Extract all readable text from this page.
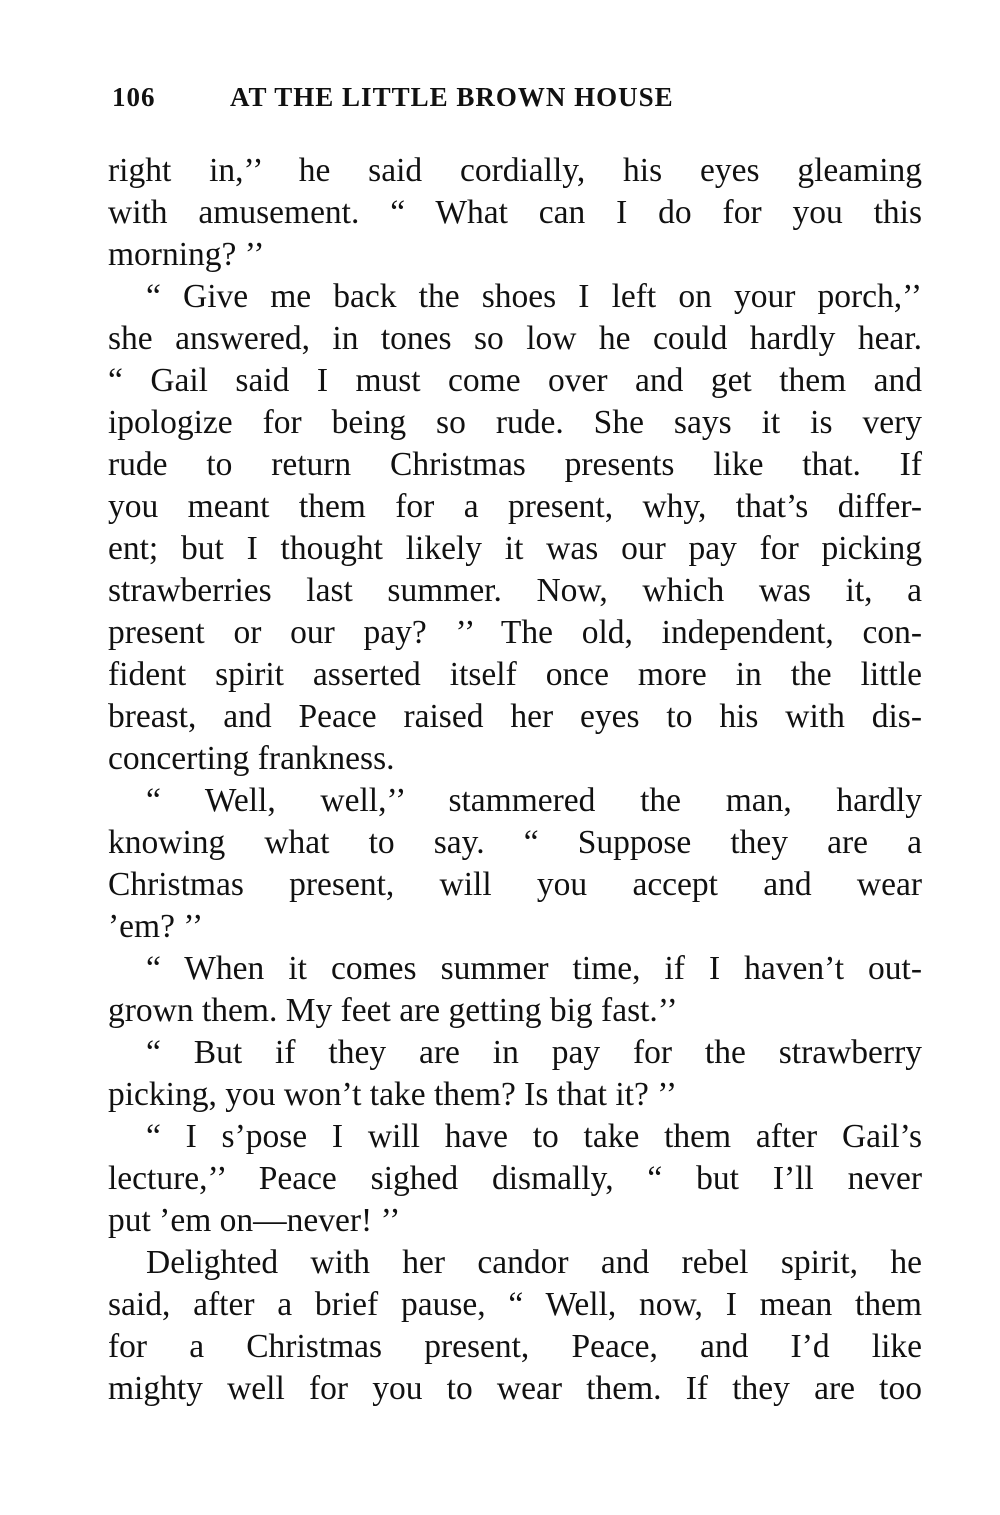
106	AT THE LITTLE BROWN HOUSE
right in,’’ he said cordially, his eyes gleaming
with amusement. “ What can I do for you this
morning? ’’
“ Give me back the shoes I left on your porch,’’
she answered, in tones so low he could hardly hear.
“ Gail said I must come over and get them and
ipologize for being so rude. She says it is very
rude to return Christmas presents like that. If
you meant them for a present, why, that’s differ-
ent; but I thought likely it was our pay for picking
strawberries last summer. Now, which was it, a
present or our pay? ’’ The old, independent, con-
fident spirit asserted itself once more in the little
breast, and Peace raised her eyes to his with dis-
concerting frankness.
“ Well, well,’’ stammered the man, hardly
knowing what to say. “ Suppose they are a
Christmas present, will you accept and wear
’em? ’’
“ When it comes summer time, if I haven’t out-
grown them. My feet are getting big fast.’’
“ But if they are in pay for the strawberry
picking, you won’t take them? Is that it? ’’
“ I s’pose I will have to take them after Gail’s
lecture,’’ Peace sighed dismally, “ but I’ll never
put ’em on—never! ’’
Delighted with her candor and rebel spirit, he
said, after a brief pause, “ Well, now, I mean them
for a Christmas present, Peace, and I’d like
mighty well for you to wear them. If they are too
